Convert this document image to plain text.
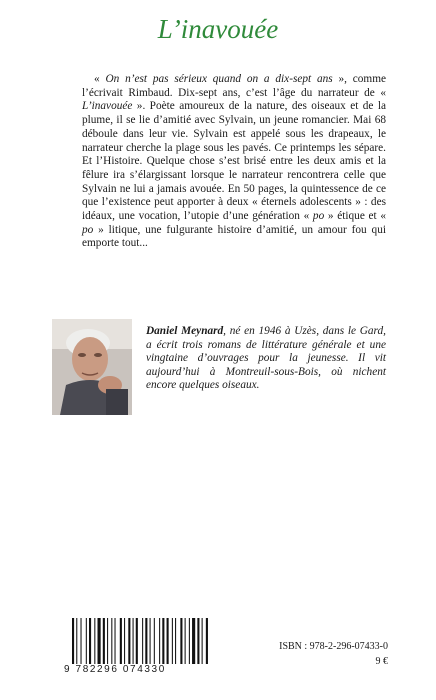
L’inavouée

« On n’est pas sérieux quand on a dix-sept ans », comme l’écrivait Rimbaud. Dix-sept ans, c’est l’âge du narrateur de « L’inavouée ». Poète amoureux de la nature, des oiseaux et de la plume, il se lie d’amitié avec Sylvain, un jeune romancier. Mai 68 déboule dans leur vie. Sylvain est appelé sous les drapeaux, le narrateur cherche la plage sous les pavés. Ce printemps les sépare. Et l’Histoire. Quelque chose s’est brisé entre les deux amis et la fêlure ira s’élargissant lorsque le narrateur rencontrera celle que Sylvain ne lui a jamais avouée. En 50 pages, la quintessence de ce que l’existence peut apporter à deux « éternels adolescents » : des idéaux, une vocation, l’utopie d’une génération « po » étique et « po » litique, une fulgurante histoire d’amitié, un amour fou qui emporte tout...

Daniel Meynard, né en 1946 à Uzès, dans le Gard, a écrit trois romans de littérature générale et une vingtaine d’ouvrages pour la jeunesse. Il vit aujourd’hui à Montreuil-sous-Bois, où nichent encore quelques oiseaux.

9 782296 074330
ISBN : 978-2-296-07433-0
9 €
